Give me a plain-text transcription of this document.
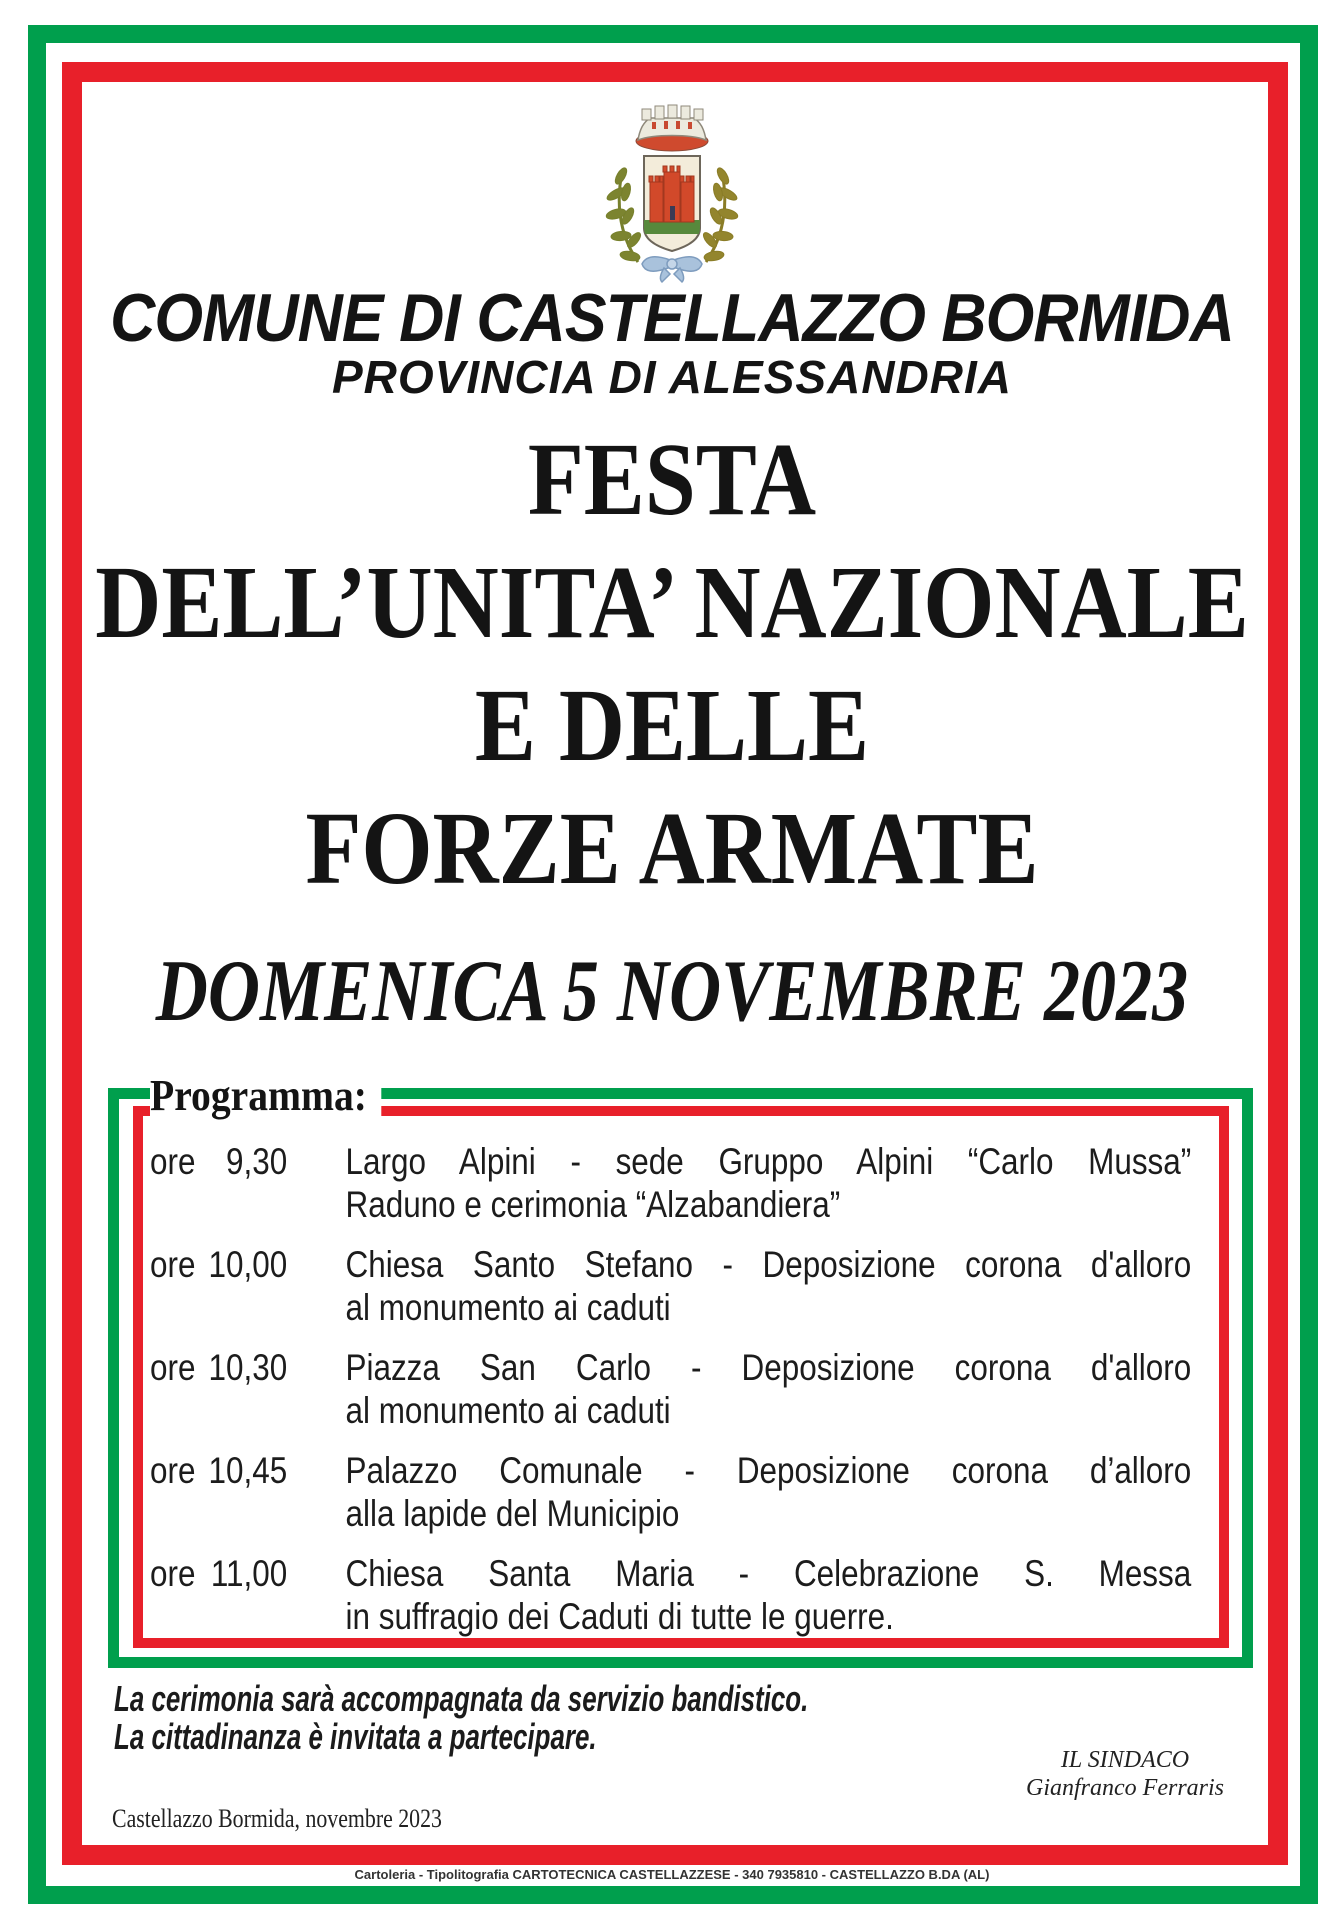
COMUNE DI CASTELLAZZO BORMIDA
PROVINCIA DI ALESSANDRIA
FESTA
DELL’UNITA’ NAZIONALE
E DELLE
FORZE ARMATE
DOMENICA 5 NOVEMBRE 2023
Programma:
ore 9,30 Largo Alpini - sede Gruppo Alpini “Carlo Mussa”
Raduno e cerimonia “Alzabandiera”
ore 10,00 Chiesa Santo Stefano - Deposizione corona d'alloro
al monumento ai caduti
ore 10,30 Piazza San Carlo - Deposizione corona d'alloro
al monumento ai caduti
ore 10,45 Palazzo Comunale - Deposizione corona d’alloro
alla lapide del Municipio
ore 11,00 Chiesa Santa Maria - Celebrazione S. Messa
in suffragio dei Caduti di tutte le guerre.
La cerimonia sarà accompagnata da servizio bandistico.
La cittadinanza è invitata a partecipare.
IL SINDACO
Gianfranco Ferraris
Castellazzo Bormida, novembre 2023
Cartoleria - Tipolitografia CARTOTECNICA CASTELLAZZESE - 340 7935810 - CASTELLAZZO B.DA (AL)
